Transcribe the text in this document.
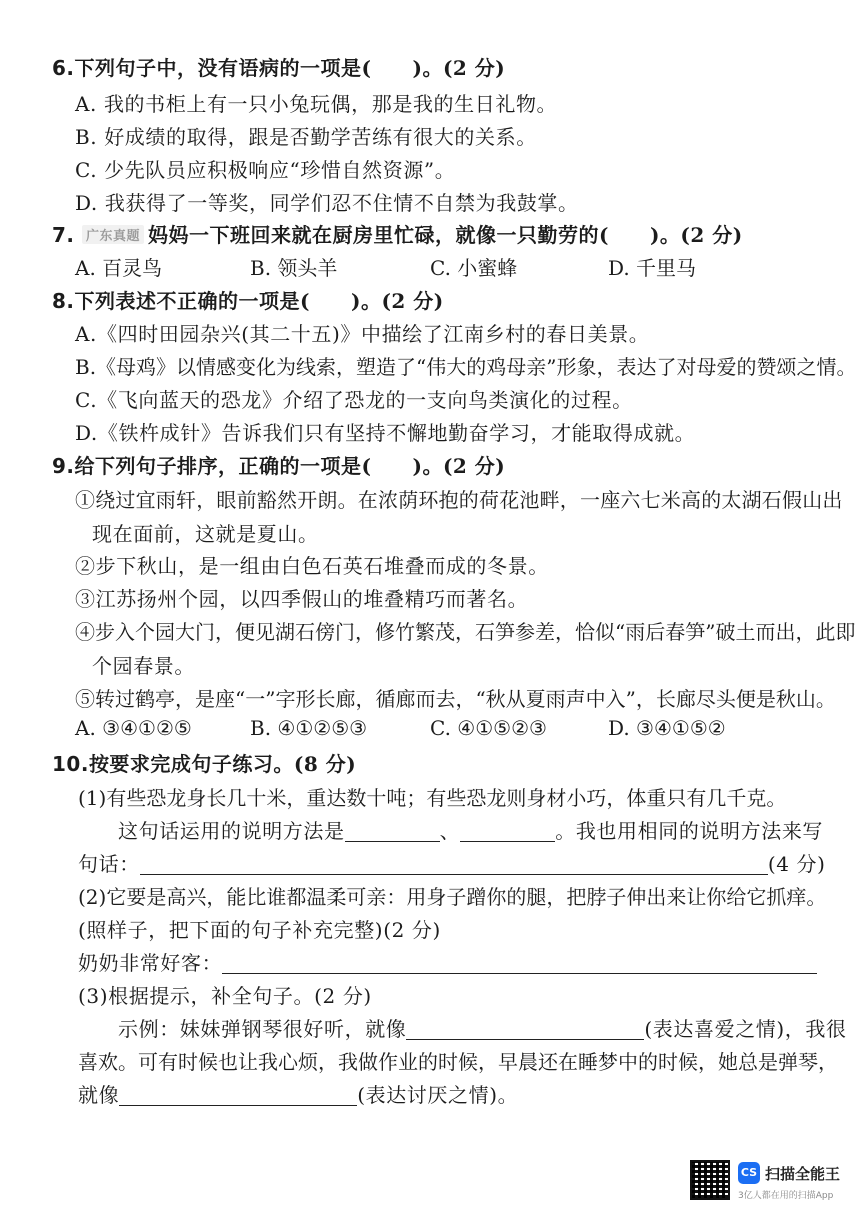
6.下列句子中，没有语病的一项是(　　)。(2 分)
A. 我的书柜上有一只小兔玩偶，那是我的生日礼物。
B. 好成绩的取得，跟是否勤学苦练有很大的关系。
C. 少先队员应积极响应“珍惜自然资源”。
D. 我获得了一等奖，同学们忍不住情不自禁为我鼓掌。
7. 广东真题 妈妈一下班回来就在厨房里忙碌，就像一只勤劳的(　　)。(2 分)
A. 百灵鸟	B. 领头羊	C. 小蜜蜂	D. 千里马
8.下列表述不正确的一项是(　　)。(2 分)
A.《四时田园杂兴(其二十五)》中描绘了江南乡村的春日美景。
B.《母鸡》以情感变化为线索，塑造了“伟大的鸡母亲”形象，表达了对母爱的赞颂之情。
C.《飞向蓝天的恐龙》介绍了恐龙的一支向鸟类演化的过程。
D.《铁杵成针》告诉我们只有坚持不懈地勤奋学习，才能取得成就。
9.给下列句子排序，正确的一项是(　　)。(2 分)
①绕过宜雨轩，眼前豁然开朗。在浓荫环抱的荷花池畔，一座六七米高的太湖石假山出
现在面前，这就是夏山。
②步下秋山，是一组由白色石英石堆叠而成的冬景。
③江苏扬州个园，以四季假山的堆叠精巧而著名。
④步入个园大门，便见湖石傍门，修竹繁茂，石笋参差，恰似“雨后春笋”破土而出，此即
个园春景。
⑤转过鹤亭，是座“一”字形长廊，循廊而去，“秋从夏雨声中入”，长廊尽头便是秋山。
A. ③④①②⑤	B. ④①②⑤③	C. ④①⑤②③	D. ③④①⑤②
10.按要求完成句子练习。(8 分)
(1)有些恐龙身长几十米，重达数十吨；有些恐龙则身材小巧，体重只有几千克。
这句话运用的说明方法是	、	。我也用相同的说明方法来写
句话：	(4 分)
(2)它要是高兴，能比谁都温柔可亲：用身子蹭你的腿，把脖子伸出来让你给它抓痒。
(照样子，把下面的句子补充完整)(2 分)
奶奶非常好客：
(3)根据提示，补全句子。(2 分)
示例：妹妹弹钢琴很好听，就像	(表达喜爱之情)，我很
喜欢。可有时候也让我心烦，我做作业的时候，早晨还在睡梦中的时候，她总是弹琴，
就像	(表达讨厌之情)。
CS 扫描全能王
3亿人都在用的扫描App
